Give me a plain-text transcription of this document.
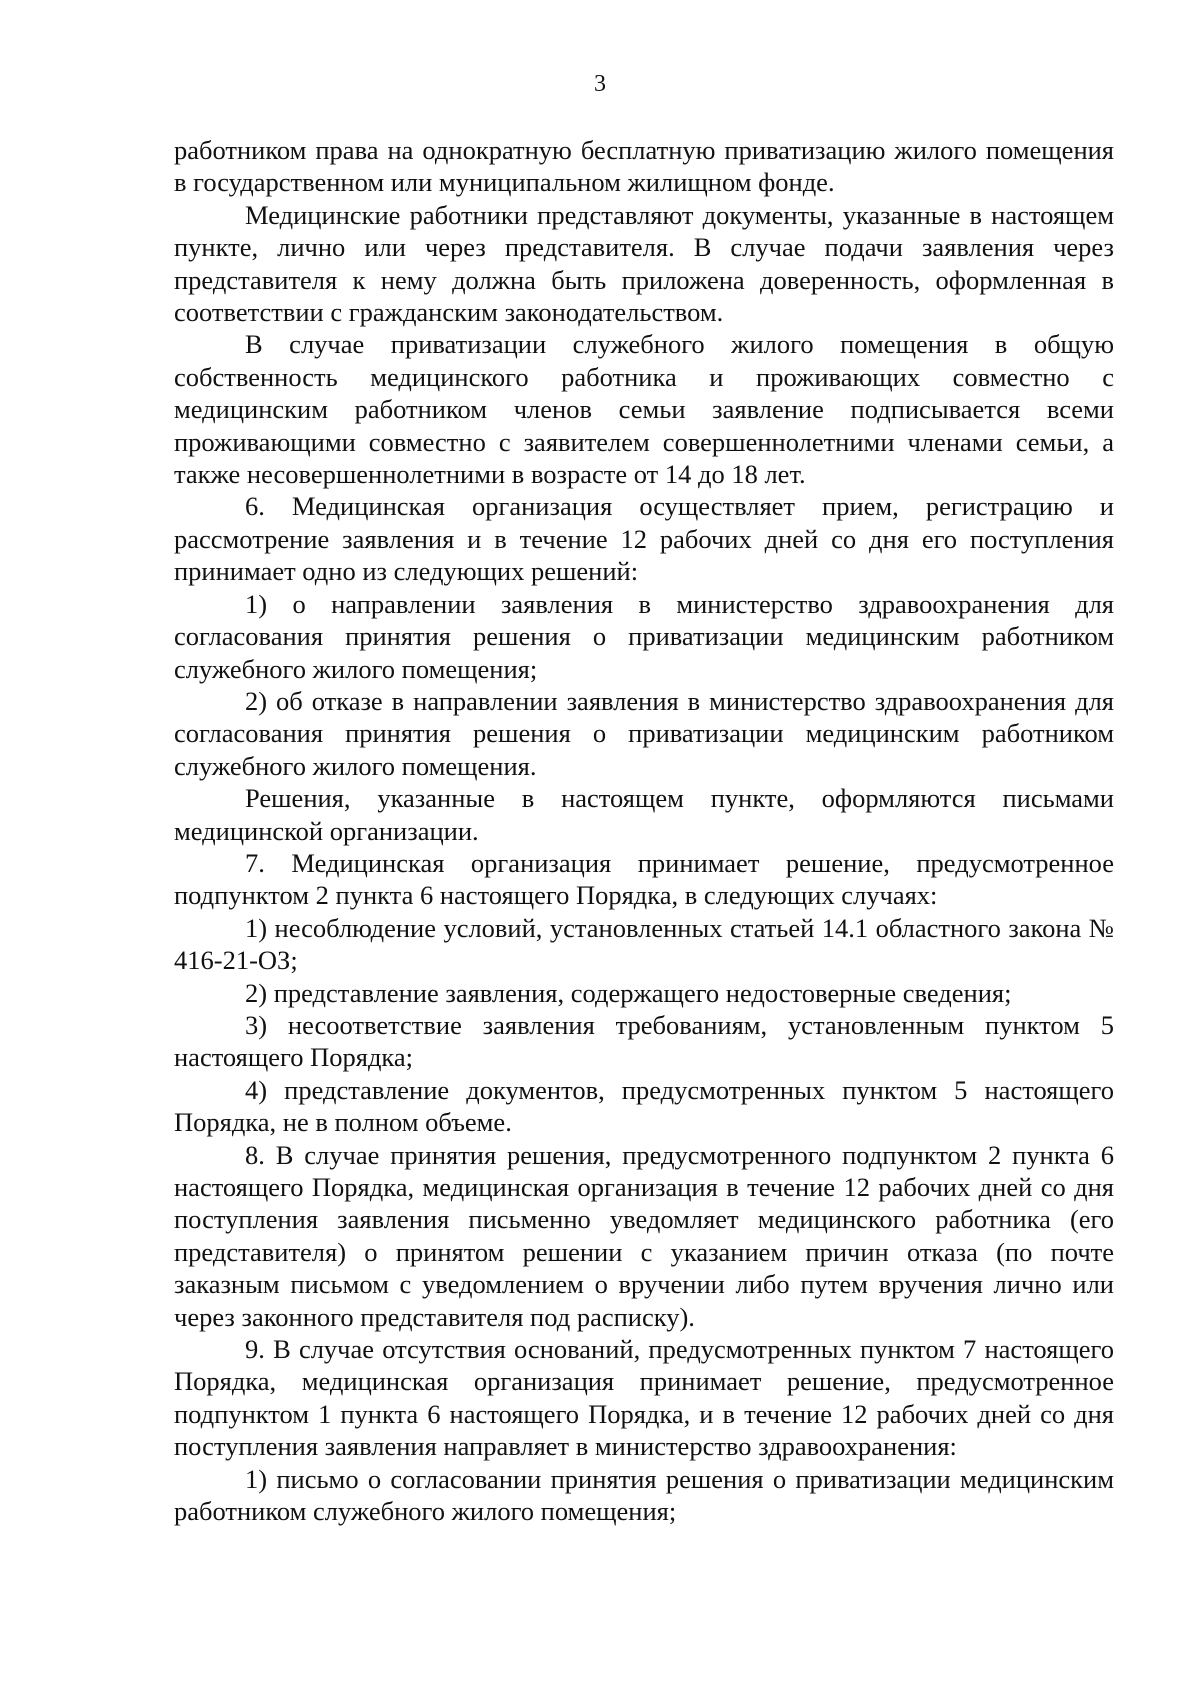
3

работником права на однократную бесплатную приватизацию жилого помещения в государственном или муниципальном жилищном фонде.

Медицинские работники представляют документы, указанные в настоящем пункте, лично или через представителя. В случае подачи заявления через представителя к нему должна быть приложена доверенность, оформленная в соответствии с гражданским законодательством.

В случае приватизации служебного жилого помещения в общую собственность медицинского работника и проживающих совместно с медицинским работником членов семьи заявление подписывается всеми проживающими совместно с заявителем совершеннолетними членами семьи, а также несовершеннолетними в возрасте от 14 до 18 лет.

6. Медицинская организация осуществляет прием, регистрацию и рассмотрение заявления и в течение 12 рабочих дней со дня его поступления принимает одно из следующих решений:

1) о направлении заявления в министерство здравоохранения для согласования принятия решения о приватизации медицинским работником служебного жилого помещения;

2) об отказе в направлении заявления в министерство здравоохранения для согласования принятия решения о приватизации медицинским работником служебного жилого помещения.

Решения, указанные в настоящем пункте, оформляются письмами медицинской организации.

7. Медицинская организация принимает решение, предусмотренное подпунктом 2 пункта 6 настоящего Порядка, в следующих случаях:

1) несоблюдение условий, установленных статьей 14.1 областного закона № 416-21-ОЗ;

2) представление заявления, содержащего недостоверные сведения;

3) несоответствие заявления требованиям, установленным пунктом 5 настоящего Порядка;

4) представление документов, предусмотренных пунктом 5 настоящего Порядка, не в полном объеме.

8. В случае принятия решения, предусмотренного подпунктом 2 пункта 6 настоящего Порядка, медицинская организация в течение 12 рабочих дней со дня поступления заявления письменно уведомляет медицинского работника (его представителя) о принятом решении с указанием причин отказа (по почте заказным письмом с уведомлением о вручении либо путем вручения лично или через законного представителя под расписку).

9. В случае отсутствия оснований, предусмотренных пунктом 7 настоящего Порядка, медицинская организация принимает решение, предусмотренное подпунктом 1 пункта 6 настоящего Порядка, и в течение 12 рабочих дней со дня поступления заявления направляет в министерство здравоохранения:

1) письмо о согласовании принятия решения о приватизации медицинским работником служебного жилого помещения;
